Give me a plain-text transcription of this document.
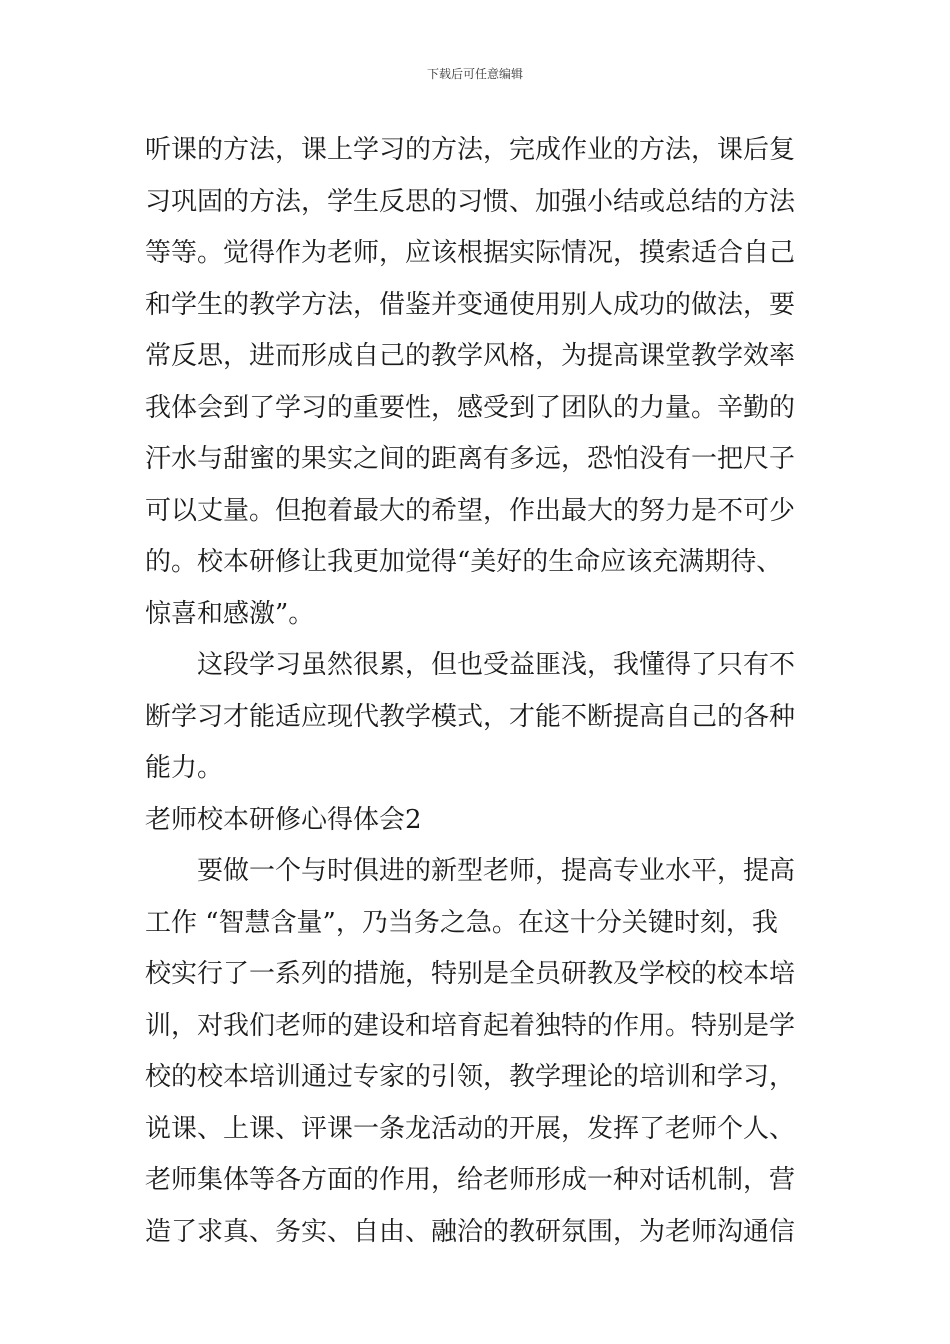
下载后可任意编辑
听课的方法，课上学习的方法，完成作业的方法，课后复
习巩固的方法，学生反思的习惯、加强小结或总结的方法
等等。觉得作为老师，应该根据实际情况，摸索适合自己
和学生的教学方法，借鉴并变通使用别人成功的做法，要
常反思，进而形成自己的教学风格，为提高课堂教学效率
我体会到了学习的重要性，感受到了团队的力量。辛勤的
汗水与甜蜜的果实之间的距离有多远，恐怕没有一把尺子
可以丈量。但抱着最大的希望，作出最大的努力是不可少
的。校本研修让我更加觉得“美好的生命应该充满期待、
惊喜和感激”。
这段学习虽然很累，但也受益匪浅，我懂得了只有不
断学习才能适应现代教学模式，才能不断提高自己的各种
能力。
老师校本研修心得体会2
要做一个与时俱进的新型老师，提高专业水平，提高
工作 “智慧含量”，乃当务之急。在这十分关键时刻，我
校实行了一系列的措施，特别是全员研教及学校的校本培
训，对我们老师的建设和培育起着独特的作用。特别是学
校的校本培训通过专家的引领，教学理论的培训和学习，
说课、上课、评课一条龙活动的开展，发挥了老师个人、
老师集体等各方面的作用，给老师形成一种对话机制，营
造了求真、务实、自由、融洽的教研氛围，为老师沟通信
